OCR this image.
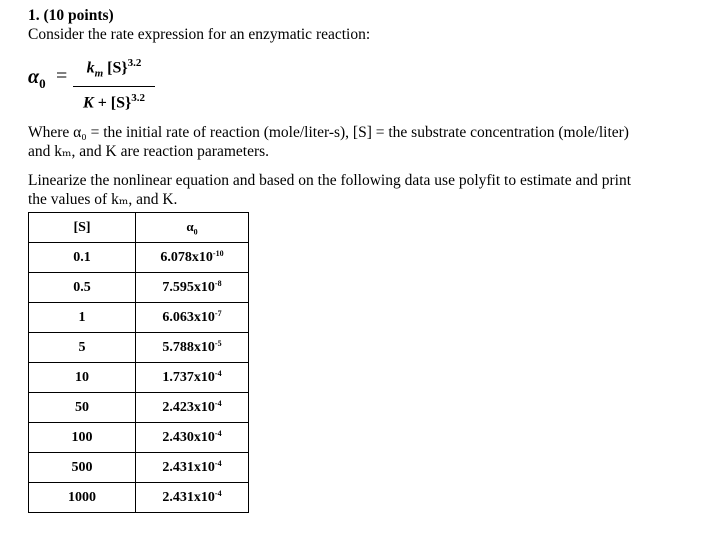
1. (10 points)
Consider the rate expression for an enzymatic reaction:
$\alpha_0$ =	$k_m$ [S}$^{3.2}$
K + [S}$^{3.2}$
Where α₀ = the initial rate of reaction (mole/liter-s), [S] = the substrate concentration (mole/liter)
and kₘ, and K are reaction parameters.
Linearize the nonlinear equation and based on the following data use polyfit to estimate and print
the values of kₘ, and K.
[S]	$\alpha_0$
0.1	$6.078x10^{-10}$
0.5	$7.595x10^{-8}$
1	$6.063x10^{-7}$
5	$5.788x10^{-5}$
10	$1.737x10^{-4}$
50	$2.423x10^{-4}$
100	$2.430x10^{-4}$
500	$2.431x10^{-4}$
1000	$2.431x10^{-4}$
